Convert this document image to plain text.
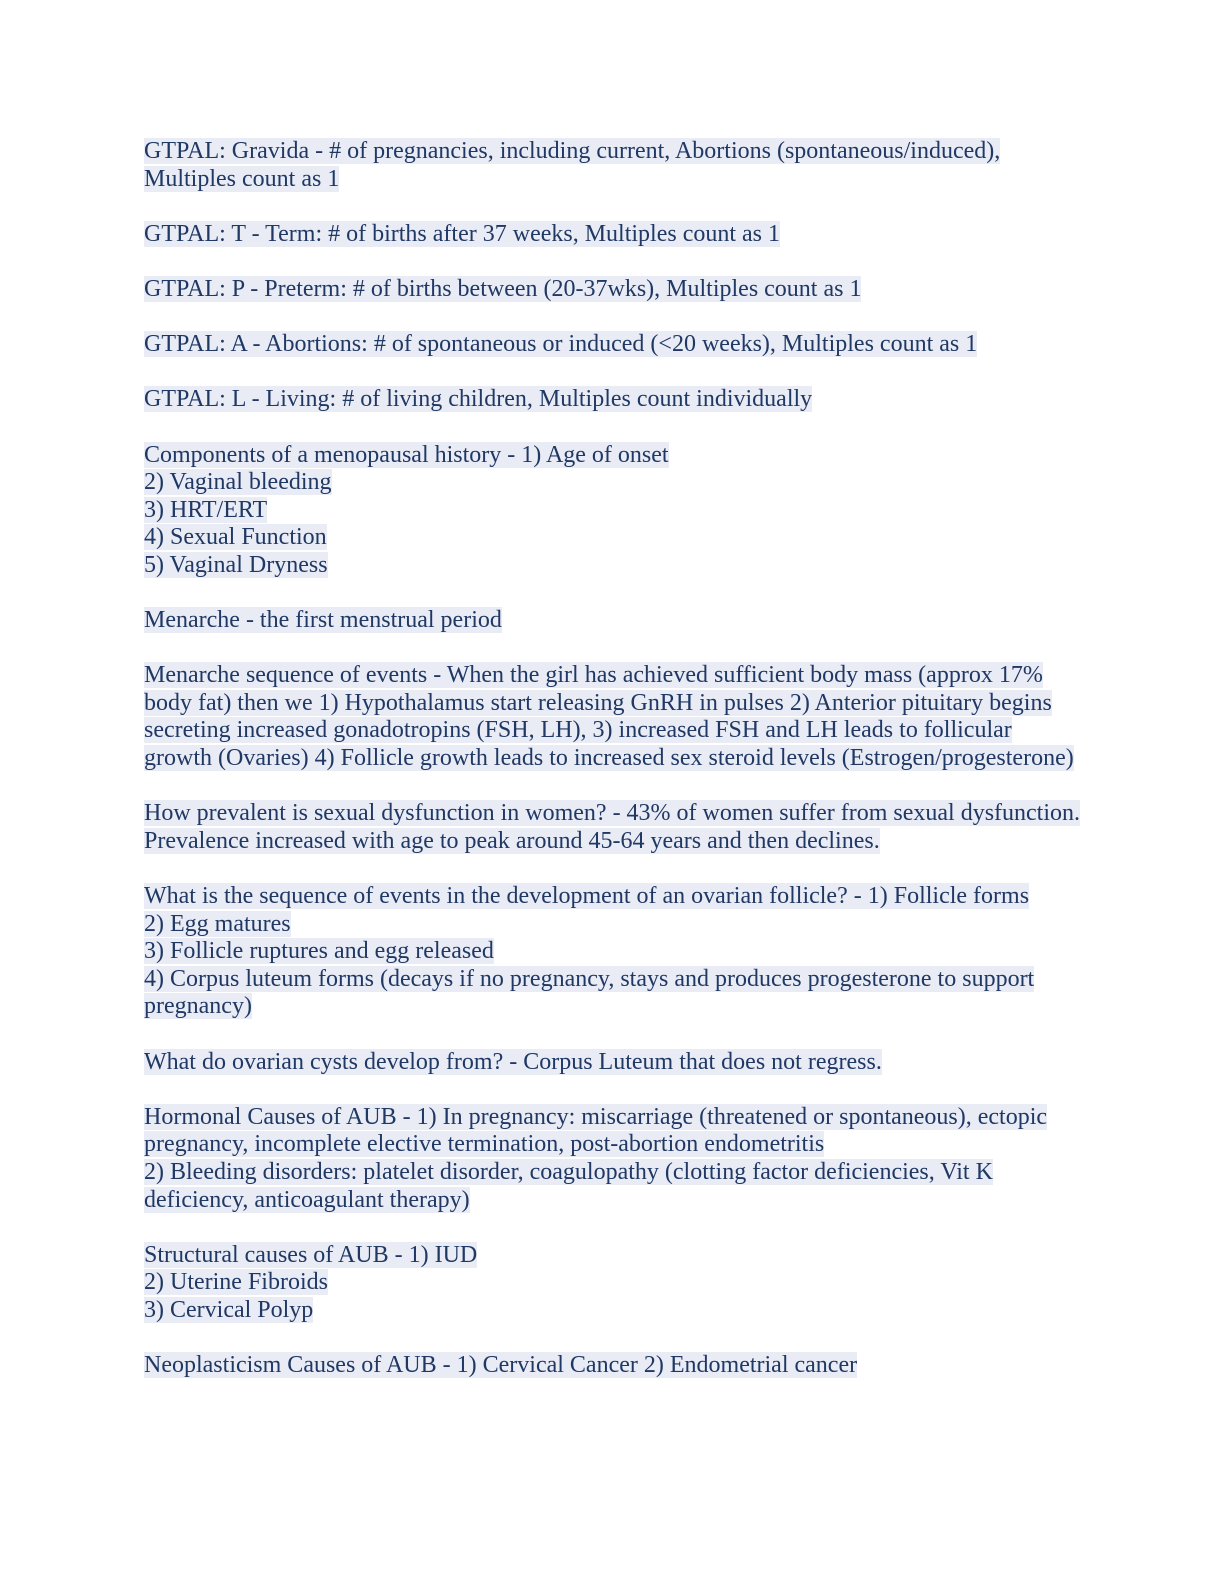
GTPAL: Gravida - # of pregnancies, including current, Abortions (spontaneous/induced), Multiples count as 1

GTPAL: T - Term: # of births after 37 weeks, Multiples count as 1

GTPAL: P - Preterm: # of births between (20-37wks), Multiples count as 1

GTPAL: A - Abortions: # of spontaneous or induced (<20 weeks), Multiples count as 1

GTPAL: L - Living: # of living children, Multiples count individually

Components of a menopausal history - 1) Age of onset
2) Vaginal bleeding
3) HRT/ERT
4) Sexual Function
5) Vaginal Dryness

Menarche - the first menstrual period

Menarche sequence of events - When the girl has achieved sufficient body mass (approx 17% body fat) then we 1) Hypothalamus start releasing GnRH in pulses 2) Anterior pituitary begins secreting increased gonadotropins (FSH, LH), 3) increased FSH and LH leads to follicular growth (Ovaries) 4) Follicle growth leads to increased sex steroid levels (Estrogen/progesterone)

How prevalent is sexual dysfunction in women? - 43% of women suffer from sexual dysfunction. Prevalence increased with age to peak around 45-64 years and then declines.

What is the sequence of events in the development of an ovarian follicle? - 1) Follicle forms
2) Egg matures
3) Follicle ruptures and egg released
4) Corpus luteum forms (decays if no pregnancy, stays and produces progesterone to support pregnancy)

What do ovarian cysts develop from? - Corpus Luteum that does not regress.

Hormonal Causes of AUB - 1) In pregnancy: miscarriage (threatened or spontaneous), ectopic pregnancy, incomplete elective termination, post-abortion endometritis
2) Bleeding disorders: platelet disorder, coagulopathy (clotting factor deficiencies, Vit K deficiency, anticoagulant therapy)

Structural causes of AUB - 1) IUD
2) Uterine Fibroids
3) Cervical Polyp

Neoplasticism Causes of AUB - 1) Cervical Cancer 2) Endometrial cancer
